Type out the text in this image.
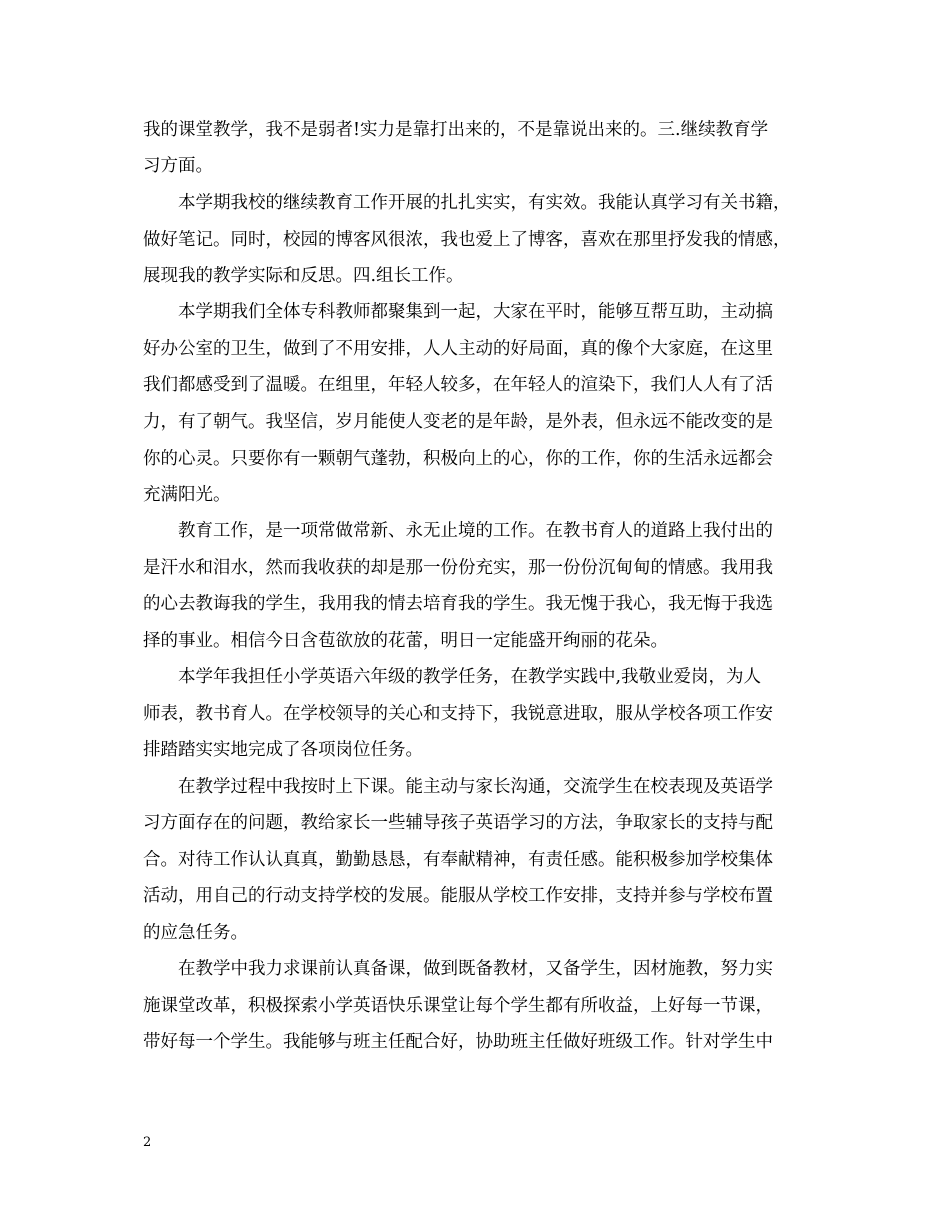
我的课堂教学，我不是弱者!实力是靠打出来的，不是靠说出来的。三.继续教育学
习方面。
　　本学期我校的继续教育工作开展的扎扎实实，有实效。我能认真学习有关书籍，
做好笔记。同时，校园的博客风很浓，我也爱上了博客，喜欢在那里抒发我的情感，
展现我的教学实际和反思。四.组长工作。
　　本学期我们全体专科教师都聚集到一起，大家在平时，能够互帮互助，主动搞
好办公室的卫生，做到了不用安排，人人主动的好局面，真的像个大家庭，在这里
我们都感受到了温暖。在组里，年轻人较多，在年轻人的渲染下，我们人人有了活
力，有了朝气。我坚信，岁月能使人变老的是年龄，是外表，但永远不能改变的是
你的心灵。只要你有一颗朝气蓬勃，积极向上的心，你的工作，你的生活永远都会
充满阳光。
　　教育工作，是一项常做常新、永无止境的工作。在教书育人的道路上我付出的
是汗水和泪水，然而我收获的却是那一份份充实，那一份份沉甸甸的情感。我用我
的心去教诲我的学生，我用我的情去培育我的学生。我无愧于我心，我无悔于我选
择的事业。相信今日含苞欲放的花蕾，明日一定能盛开绚丽的花朵。
　　本学年我担任小学英语六年级的教学任务，在教学实践中,我敬业爱岗，为人
师表，教书育人。在学校领导的关心和支持下，我锐意进取，服从学校各项工作安
排踏踏实实地完成了各项岗位任务。
　　在教学过程中我按时上下课。能主动与家长沟通，交流学生在校表现及英语学
习方面存在的问题，教给家长一些辅导孩子英语学习的方法，争取家长的支持与配
合。对待工作认认真真，勤勤恳恳，有奉献精神，有责任感。能积极参加学校集体
活动，用自己的行动支持学校的发展。能服从学校工作安排，支持并参与学校布置
的应急任务。
　　在教学中我力求课前认真备课，做到既备教材，又备学生，因材施教，努力实
施课堂改革，积极探索小学英语快乐课堂让每个学生都有所收益，上好每一节课，
带好每一个学生。我能够与班主任配合好，协助班主任做好班级工作。针对学生中
2
